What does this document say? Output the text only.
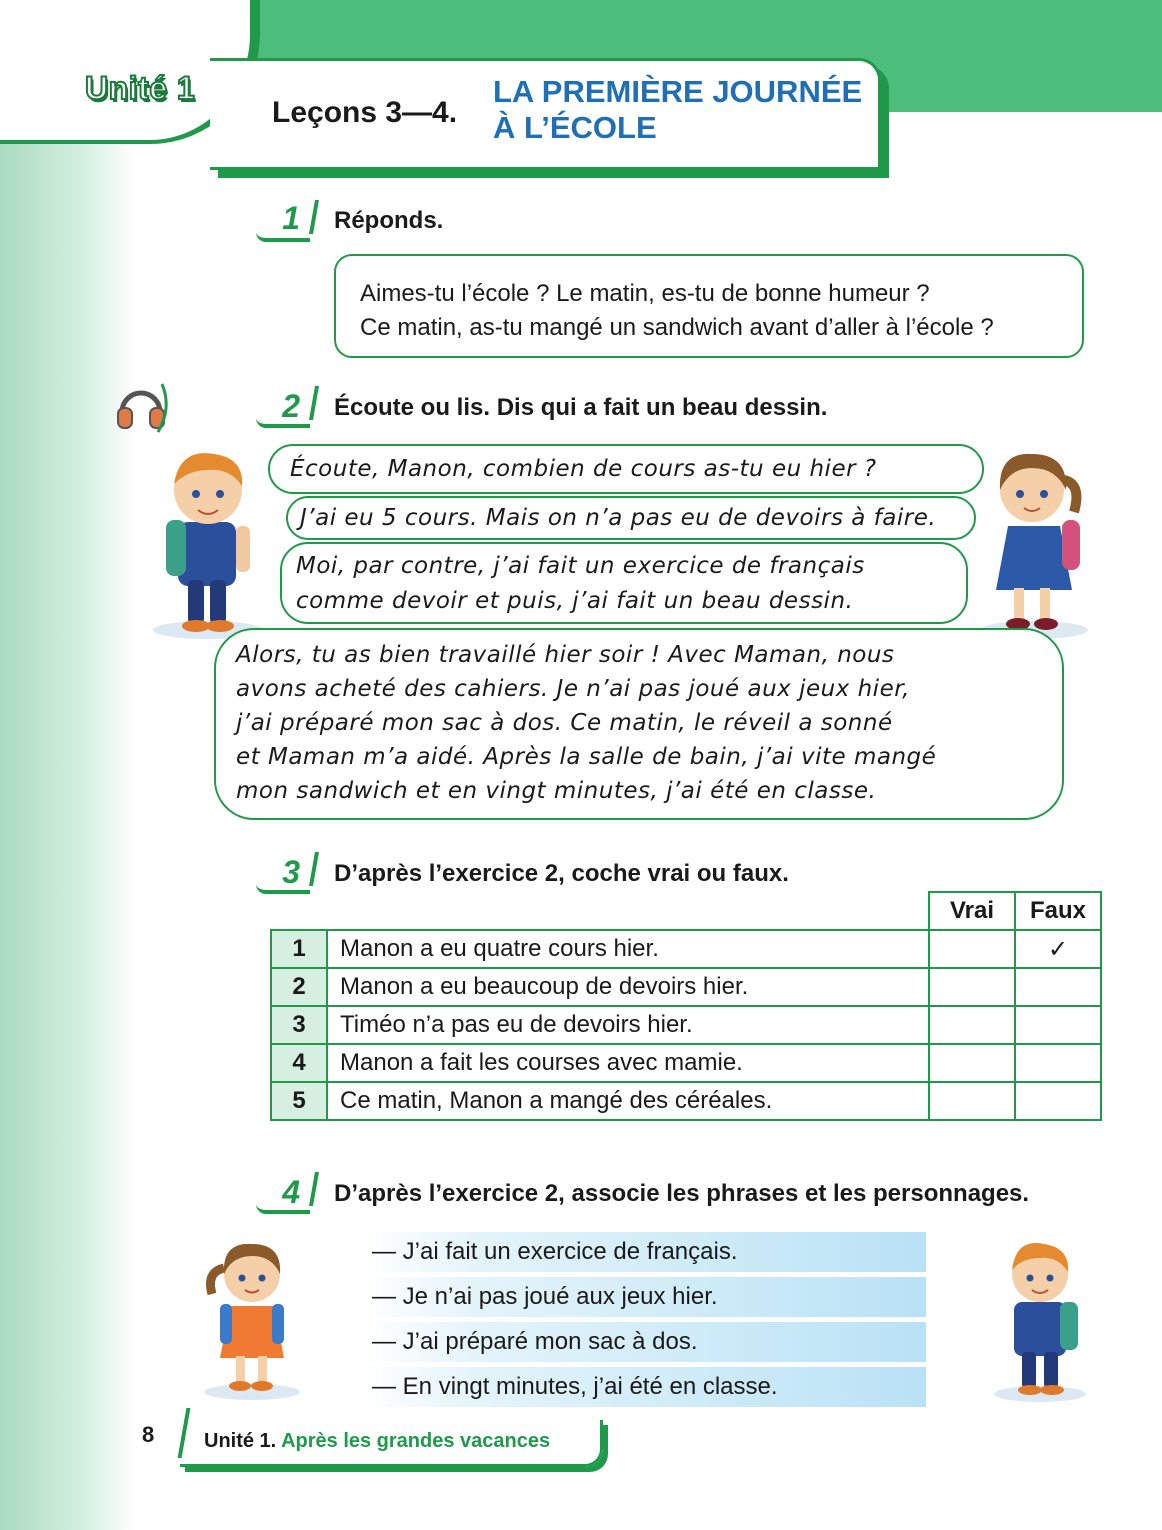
Unité 1
Leçons 3—4.
LA PREMIÈRE JOURNÉE
À L’ÉCOLE
1 Réponds.

Aimes-tu l’école ? Le matin, es-tu de bonne humeur ?

Ce matin, as-tu mangé un sandwich avant d’aller à l’école ?

2 Écoute ou lis. Dis qui a fait un beau dessin.
Écoute, Manon, combien de cours as-tu eu hier ?
J’ai eu 5 cours. Mais on n’a pas eu de devoirs à faire.
Moi, par contre, j’ai fait un exercice de français
comme devoir et puis, j’ai fait un beau dessin.
Alors, tu as bien travaillé hier soir ! Avec Maman, nous
avons acheté des cahiers. Je n’ai pas joué aux jeux hier,
j’ai préparé mon sac à dos. Ce matin, le réveil a sonné
et Maman m’a aidé. Après la salle de bain, j’ai vite mangé
mon sandwich et en vingt minutes, j’ai été en classe.
3 D’après l’exercice 2, coche vrai ou faux.
		Vrai	Faux
1	Manon a eu quatre cours hier.		✓
2	Manon a eu beaucoup de devoirs hier.		
3	Timéo n’a pas eu de devoirs hier.		
4	Manon a fait les courses avec mamie.		
5	Ce matin, Manon a mangé des céréales.		
4 D’après l’exercice 2, associe les phrases et les personnages.
— J’ai fait un exercice de français.
— Je n’ai pas joué aux jeux hier.
— J’ai préparé mon sac à dos.
— En vingt minutes, j’ai été en classe.
8 Unité 1. Après les grandes vacances
